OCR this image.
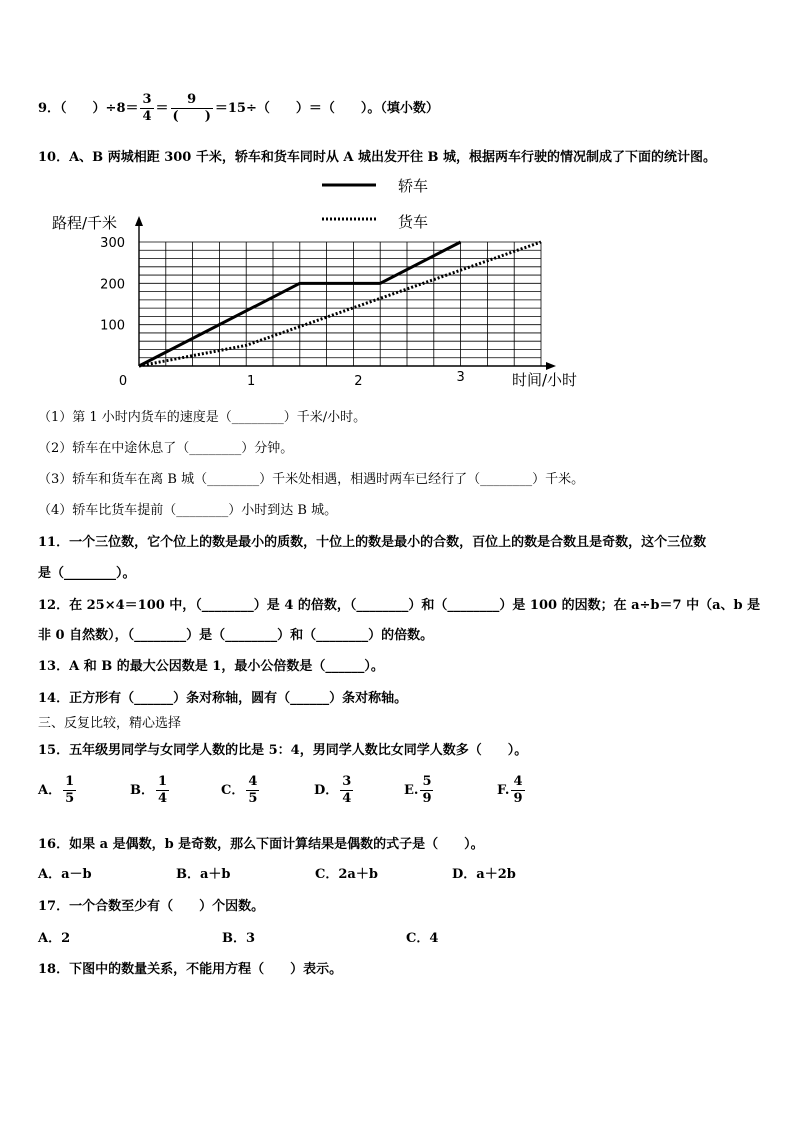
9．（　　）$\div 8= \frac{3}{4} = \frac{9}{( )} =15\div$（　　）＝（　　）。（填小数）
10．A、B 两城相距 300 千米，轿车和货车同时从 A 城出发开往 B 城，根据两车行驶的情况制成了下面的统计图。
100
200
300
0	1	2	3
轿车
货车
路程/千米
时间/小时
（1）第 1 小时内货车的速度是（________）千米/小时。
（2）轿车在中途休息了（________）分钟。
（3）轿车和货车在离 B 城（________）千米处相遇，相遇时两车已经行了（________）千米。
（4）轿车比货车提前（________）小时到达 B 城。
11．一个三位数，它个位上的数是最小的质数，十位上的数是最小的合数，百位上的数是合数且是奇数，这个三位数
是（________）。
12．在 25×4＝100 中，（________）是 4 的倍数，（________）和（________）是 100 的因数；在 a÷b＝7 中（a、b 是
非 0 自然数），（________）是（________）和（________）的倍数。
13．A 和 B 的最大公因数是 1，最小公倍数是（______）。
14．正方形有（______）条对称轴，圆有（______）条对称轴。
三、反复比较，精心选择
15．五年级男同学与女同学人数的比是 5：4，男同学人数比女同学人数多（　　）。
A． $\frac{1}{5}$	B． $\frac{1}{4}$	C． $\frac{4}{5}$	D． $\frac{3}{4}$	E. $\frac{5}{9}$	F. $\frac{4}{9}$
16．如果 a 是偶数，b 是奇数，那么下面计算结果是偶数的式子是（　　）。
A．a－b	B．a＋b	C．2a＋b	D．a＋2b
17．一个合数至少有（　　）个因数。
A．2	B．3	C．4
18．下图中的数量关系，不能用方程（　　）表示。
